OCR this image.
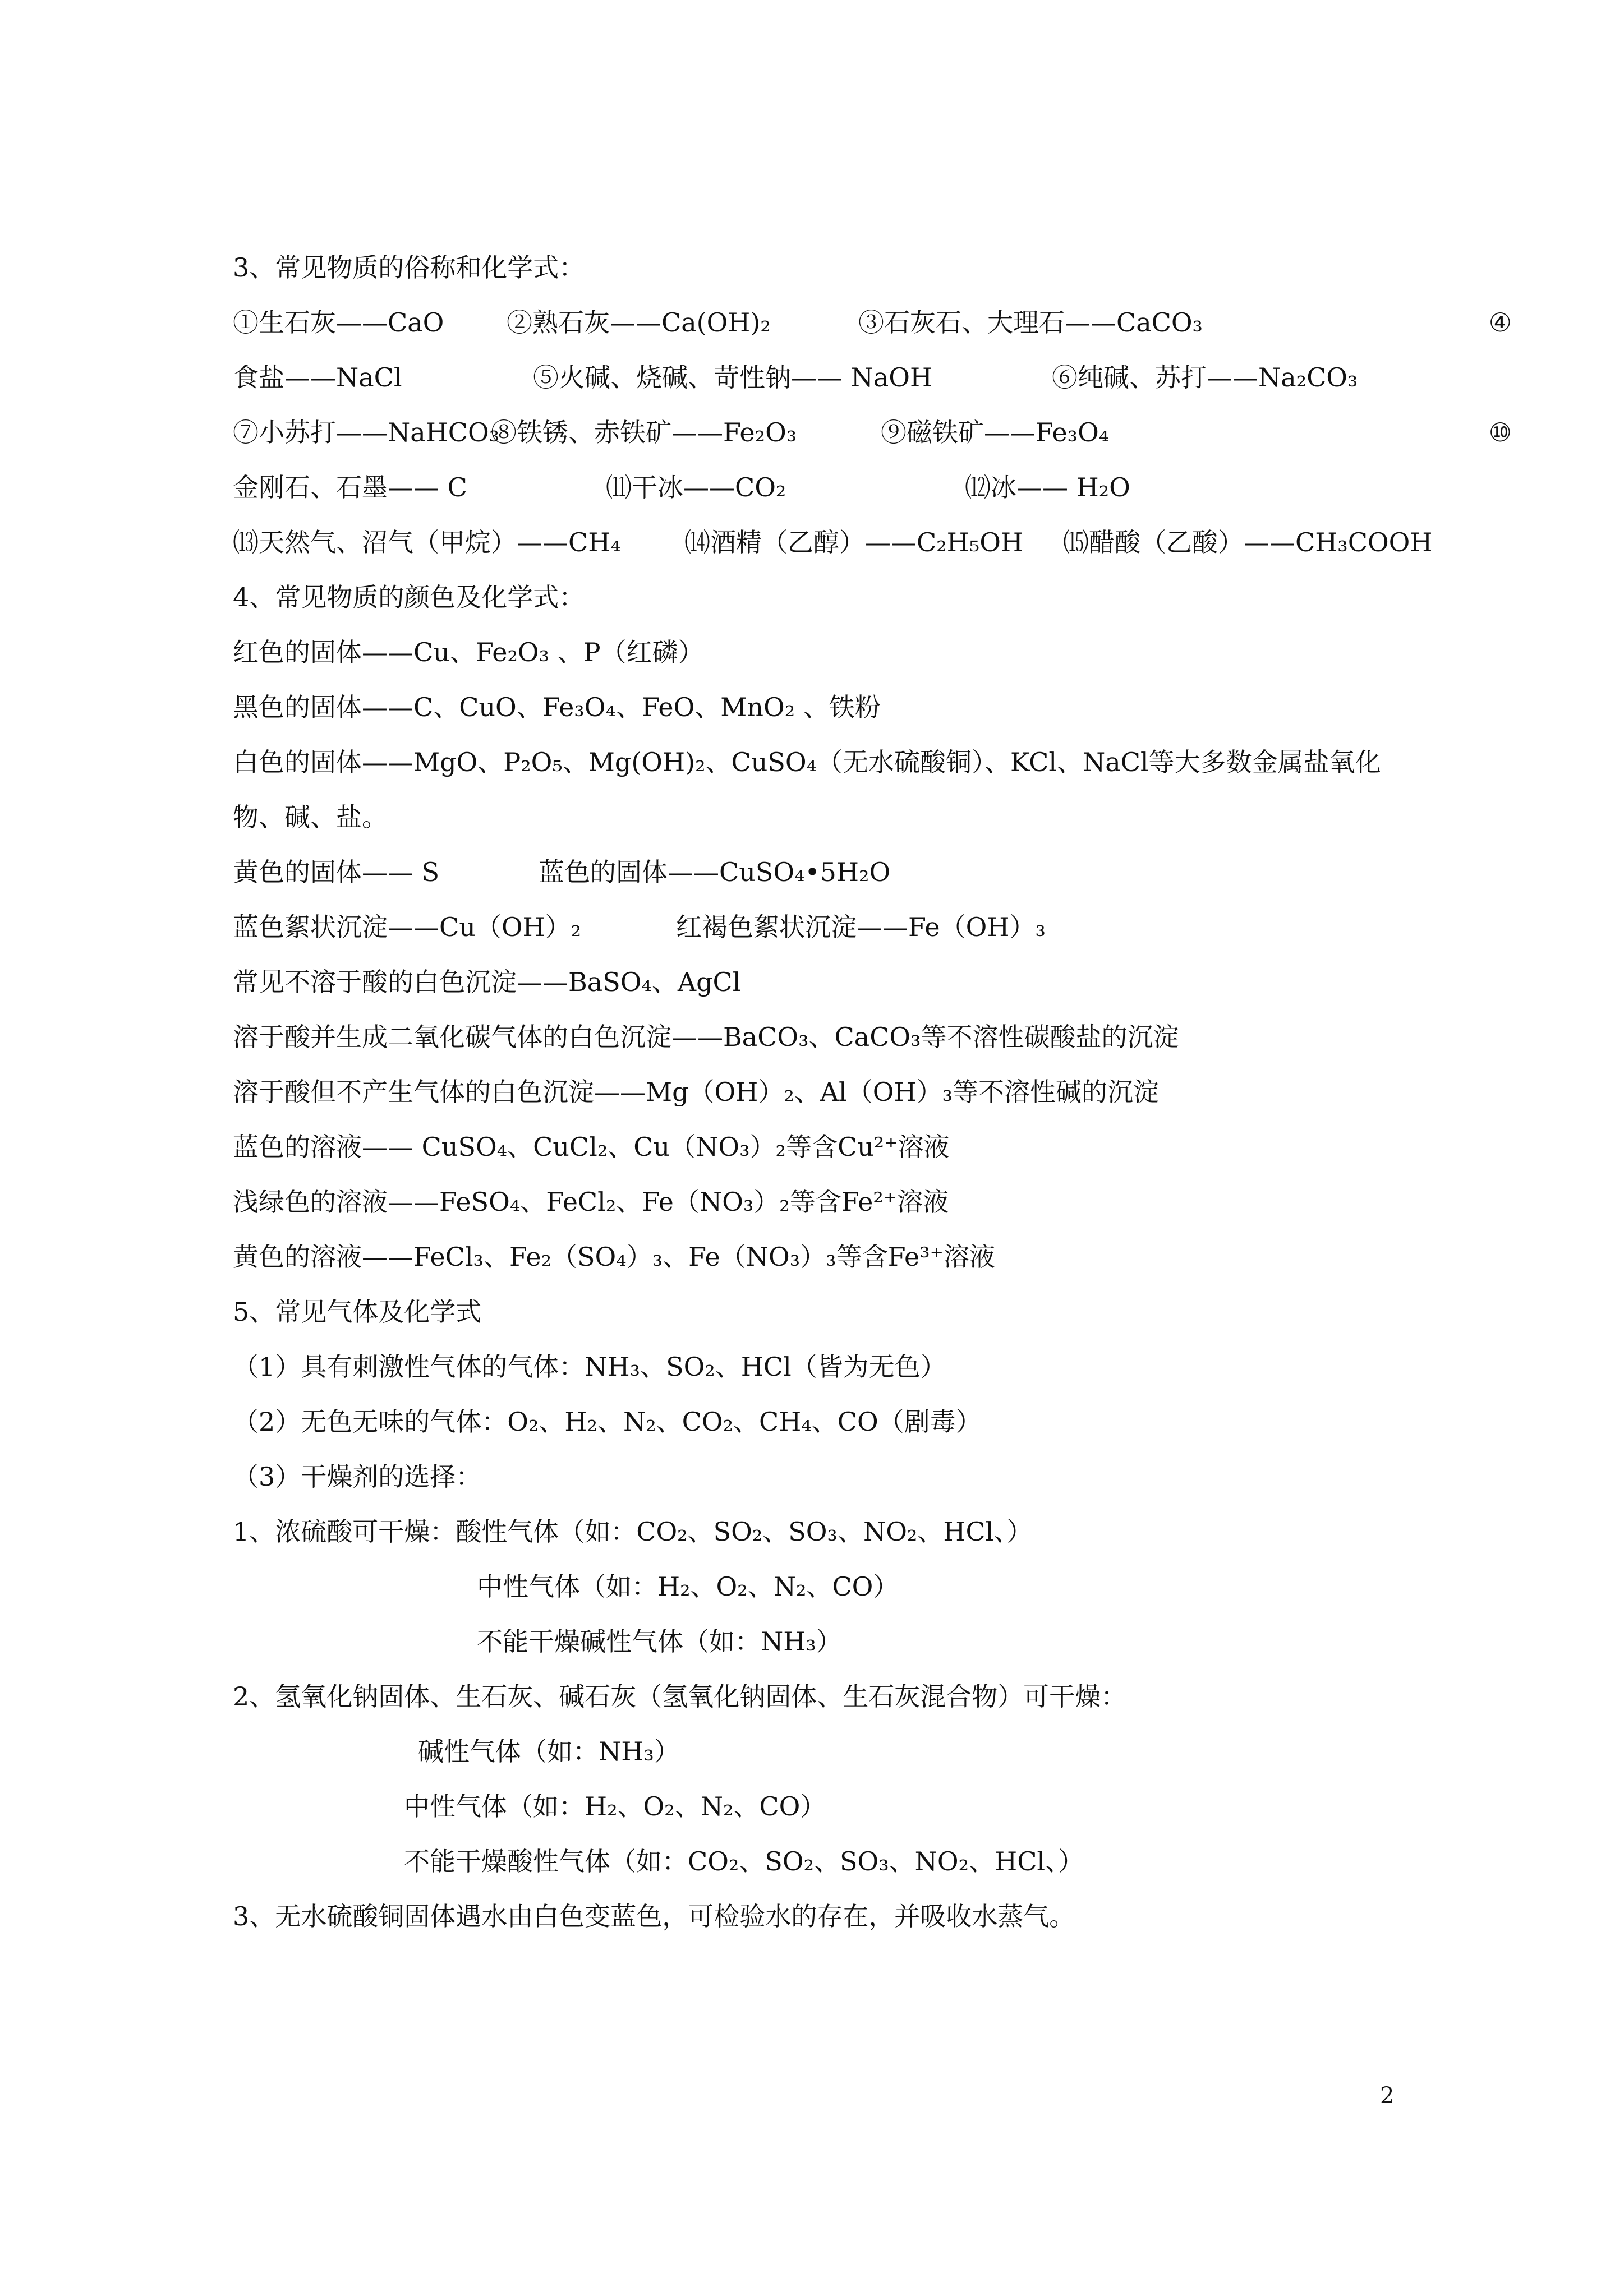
3、常见物质的俗称和化学式：
①生石灰——CaO ②熟石灰——Ca(OH)₂	③石灰石、大理石——CaCO₃	④
食盐——NaCl	⑤火碱、烧碱、苛性钠—— NaOH	⑥纯碱、苏打——Na₂CO₃
⑦小苏打——NaHCO₃
⑧铁锈、赤铁矿——Fe₂O₃	⑨磁铁矿——Fe₃O₄	⑩
金刚石、石墨—— C	⑾干冰——CO₂	⑿冰—— H₂O
⒀天然气、沼气（甲烷）——CH₄ ⒁酒精（乙醇）——C₂H₅OH ⒂醋酸（乙酸）——CH₃COOH
4、常见物质的颜色及化学式：
红色的固体——Cu、Fe₂O₃ 、P（红磷）
黑色的固体——C、CuO、Fe₃O₄、FeO、MnO₂ 、铁粉
白色的固体——MgO、P₂O₅、Mg(OH)₂、CuSO₄（无水硫酸铜）、KCl、NaCl等大多数金属盐氧化
物、碱、盐。
黄色的固体—— S	蓝色的固体——CuSO₄•5H₂O
蓝色絮状沉淀——Cu（OH）₂	红褐色絮状沉淀——Fe（OH）₃
常见不溶于酸的白色沉淀——BaSO₄、AgCl
溶于酸并生成二氧化碳气体的白色沉淀——BaCO₃、CaCO₃等不溶性碳酸盐的沉淀
溶于酸但不产生气体的白色沉淀——Mg（OH）₂、Al（OH）₃等不溶性碱的沉淀
蓝色的溶液—— CuSO₄、CuCl₂、Cu（NO₃）₂等含Cu²⁺溶液
浅绿色的溶液——FeSO₄、FeCl₂、Fe（NO₃）₂等含Fe²⁺溶液
黄色的溶液——FeCl₃、Fe₂（SO₄）₃、Fe（NO₃）₃等含Fe³⁺溶液
5、常见气体及化学式
（1）具有刺激性气体的气体：NH₃、SO₂、HCl（皆为无色）
（2）无色无味的气体：O₂、H₂、N₂、CO₂、CH₄、CO（剧毒）
（3）干燥剂的选择：
1、浓硫酸可干燥：酸性气体（如：CO₂、SO₂、SO₃、NO₂、HCl、）
中性气体（如：H₂、O₂、N₂、CO）
不能干燥碱性气体（如：NH₃）
2、氢氧化钠固体、生石灰、碱石灰（氢氧化钠固体、生石灰混合物）可干燥：
碱性气体（如：NH₃）
中性气体（如：H₂、O₂、N₂、CO）
不能干燥酸性气体（如：CO₂、SO₂、SO₃、NO₂、HCl、）
3、无水硫酸铜固体遇水由白色变蓝色，可检验水的存在，并吸收水蒸气。
2
